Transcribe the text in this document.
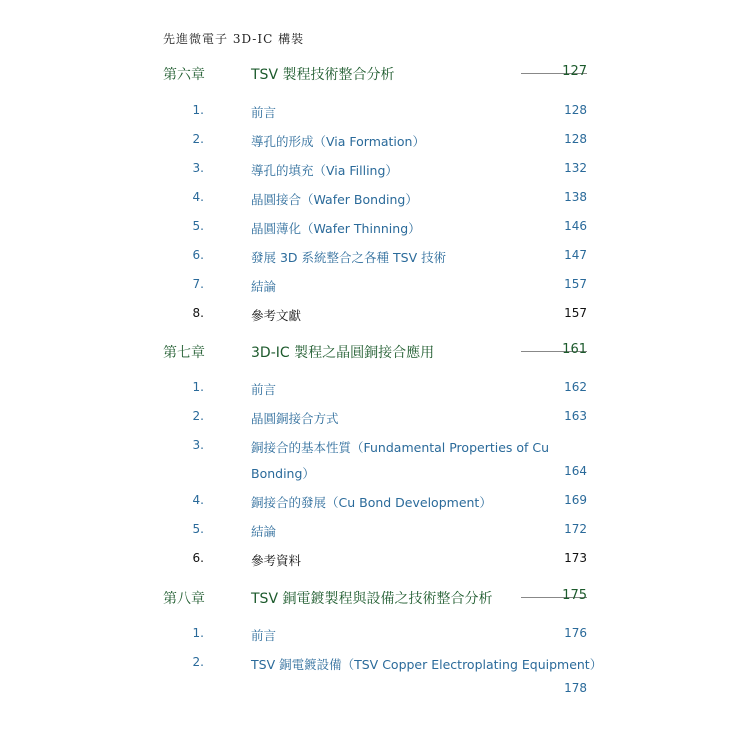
先進微電子 3D-IC 構裝
第六章	TSV 製程技術整合分析	127
1.	前言	128
2.	導孔的形成（Via Formation）	128
3.	導孔的填充（Via Filling）	132
4.	晶圓接合（Wafer Bonding）	138
5.	晶圓薄化（Wafer Thinning）	146
6.	發展 3D 系統整合之各種 TSV 技術	147
7.	結論	157
8.	參考文獻	157
第七章	3D-IC 製程之晶圓銅接合應用	161
1.	前言	162
2.	晶圓銅接合方式	163
3.	銅接合的基本性質（Fundamental Properties of Cu
Bonding）	164
4.	銅接合的發展（Cu Bond Development）	169
5.	結論	172
6.	參考資料	173
第八章	TSV 銅電鍍製程與設備之技術整合分析	175
1.	前言	176
2.	TSV 銅電鍍設備（TSV Copper Electroplating Equipment）
178
